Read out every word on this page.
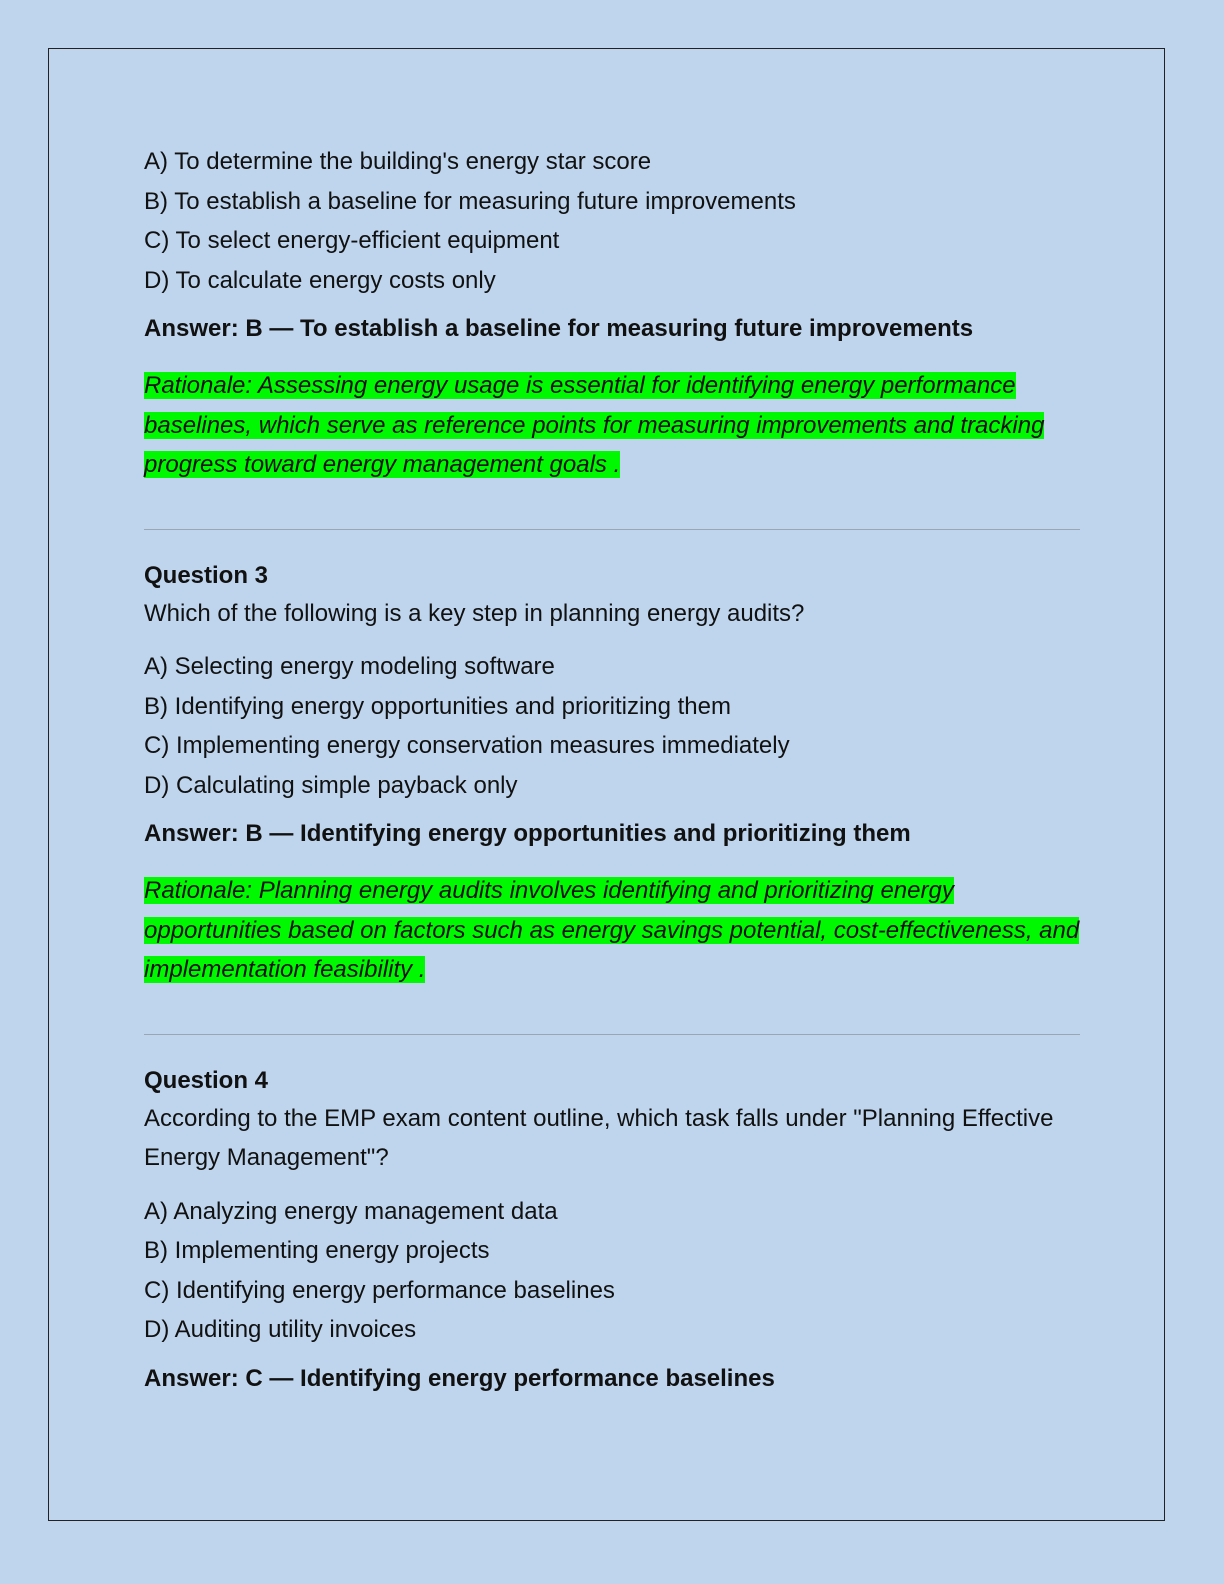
A) To determine the building's energy star score

B) To establish a baseline for measuring future improvements

C) To select energy-efficient equipment

D) To calculate energy costs only

Answer: B — To establish a baseline for measuring future improvements

Rationale: Assessing energy usage is essential for identifying energy performance baselines, which serve as reference points for measuring improvements and tracking progress toward energy management goals .

Question 3

Which of the following is a key step in planning energy audits?

A) Selecting energy modeling software

B) Identifying energy opportunities and prioritizing them

C) Implementing energy conservation measures immediately

D) Calculating simple payback only

Answer: B — Identifying energy opportunities and prioritizing them

Rationale: Planning energy audits involves identifying and prioritizing energy opportunities based on factors such as energy savings potential, cost-effectiveness, and implementation feasibility .

Question 4

According to the EMP exam content outline, which task falls under "Planning Effective Energy Management"?

A) Analyzing energy management data

B) Implementing energy projects

C) Identifying energy performance baselines

D) Auditing utility invoices

Answer: C — Identifying energy performance baselines
